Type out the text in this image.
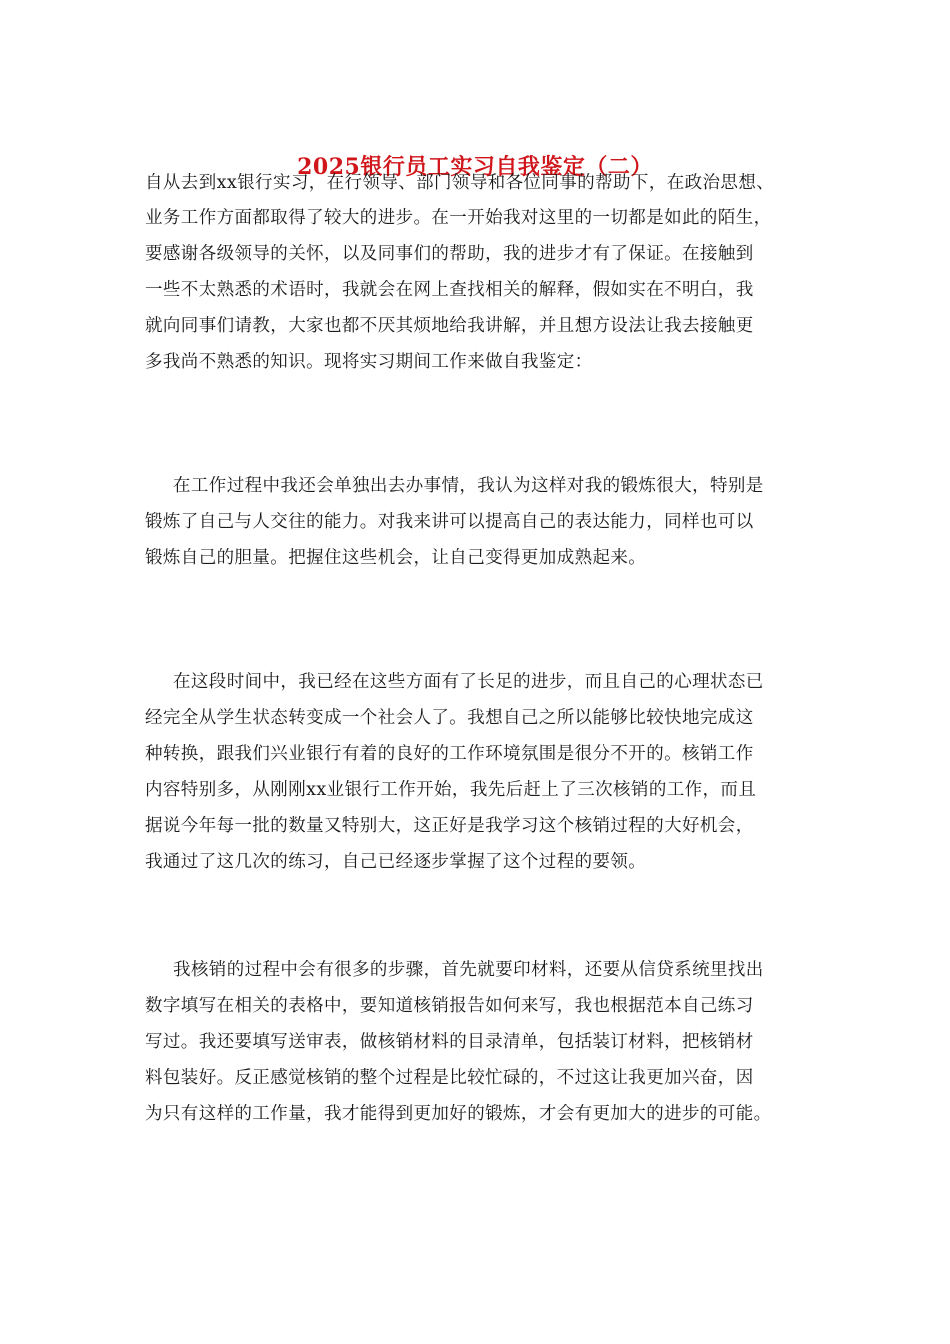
2025银行员工实习自我鉴定（二）
自从去到xx银行实习，在行领导、部门领导和各位同事的帮助下，在政治思想、
业务工作方面都取得了较大的进步。在一开始我对这里的一切都是如此的陌生，
要感谢各级领导的关怀，以及同事们的帮助，我的进步才有了保证。在接触到
一些不太熟悉的术语时，我就会在网上查找相关的解释，假如实在不明白，我
就向同事们请教，大家也都不厌其烦地给我讲解，并且想方设法让我去接触更
多我尚不熟悉的知识。现将实习期间工作来做自我鉴定：
在工作过程中我还会单独出去办事情，我认为这样对我的锻炼很大，特别是
锻炼了自己与人交往的能力。对我来讲可以提高自己的表达能力，同样也可以
锻炼自己的胆量。把握住这些机会，让自己变得更加成熟起来。
在这段时间中，我已经在这些方面有了长足的进步，而且自己的心理状态已
经完全从学生状态转变成一个社会人了。我想自己之所以能够比较快地完成这
种转换，跟我们兴业银行有着的良好的工作环境氛围是很分不开的。核销工作
内容特别多，从刚刚xx业银行工作开始，我先后赶上了三次核销的工作，而且
据说今年每一批的数量又特别大，这正好是我学习这个核销过程的大好机会，
我通过了这几次的练习，自己已经逐步掌握了这个过程的要领。
我核销的过程中会有很多的步骤，首先就要印材料，还要从信贷系统里找出
数字填写在相关的表格中，要知道核销报告如何来写，我也根据范本自己练习
写过。我还要填写送审表，做核销材料的目录清单，包括装订材料，把核销材
料包装好。反正感觉核销的整个过程是比较忙碌的，不过这让我更加兴奋，因
为只有这样的工作量，我才能得到更加好的锻炼，才会有更加大的进步的可能。
